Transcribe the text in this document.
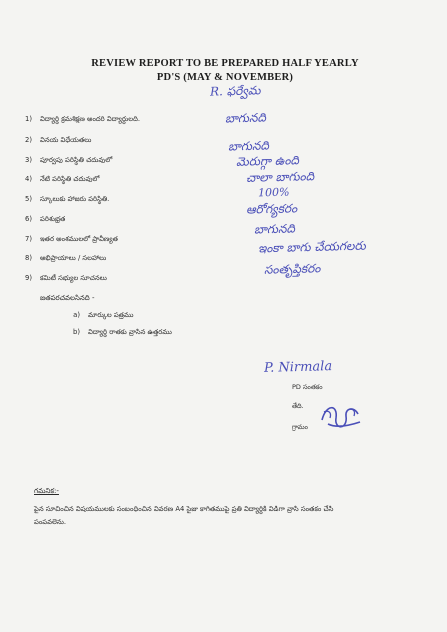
REVIEW REPORT TO BE PREPARED HALF YEARLY
PD'S (MAY & NOVEMBER)
1) విద్యార్థి క్రమశిక్షణ అందరి విద్యార్థులది.
2) వినయ విధేయతలు
3) పూర్వపు పరిస్థితి చదువులో
4) నేటి పరిస్థితి చదువులో
5) స్కూలుకు హాజరు పరిస్థితి.
6) పరిశుభ్రత
7) ఇతర అంశములలో ప్రావీణ్యత
8) అభిప్రాయాలు / సలహాలు
9) కమిటీ సభ్యుల సూచనలు
R. ఫర్వేమ
బాగునది
బాగునది
మెరుగ్గా ఉంది
చాలా బాగుంది
100%
ఆరోగ్యకరం
బాగునది
ఇంకా బాగు చేయగలరు
సంతృప్తికరం
జతపరచవలసినది -
a) మార్కుల పత్రము
b) విద్యార్థి రాతకు వ్రాసిన ఉత్తరము
P. Nirmala
PD సంతకం
తేది.
గ్రామం
గమనిక:-
పైన సూచించిన విషయములకు సంబంధించిన వివరణ A4 సైజు కాగితముపై ప్రతి విద్యార్థికి విడిగా వ్రాసి సంతకం చేసి
పంపవలెను.
